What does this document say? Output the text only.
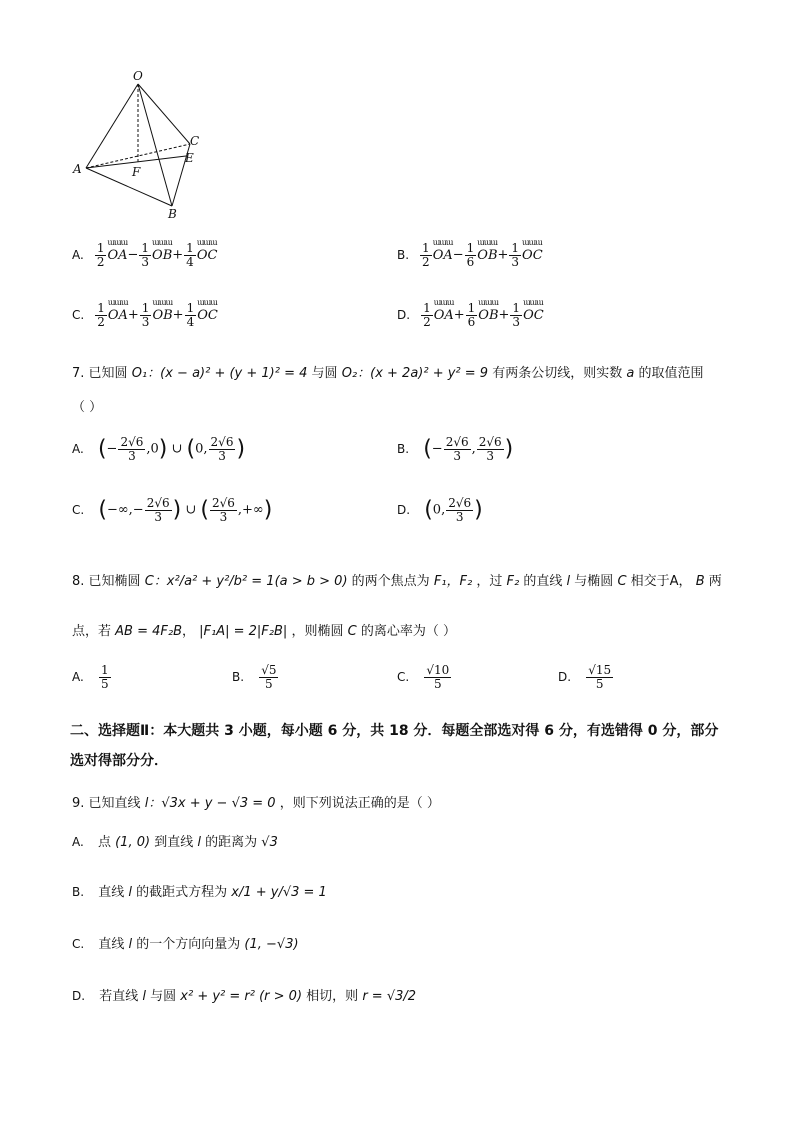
O
C
E
A	F
B
A. $\frac{1}{2}$ ɯɯɯ
$OA- \frac{1}{3}$ ɯɯɯ
$OB+ \frac{1}{4}$ ɯɯɯ
OC	B. $\frac{1}{2}$ ɯɯɯ
$OA- \frac{1}{6}$ ɯɯɯ
$OB+ \frac{1}{3}$ ɯɯɯ
OC
C. $\frac{1}{2}$ ɯɯɯ
$OA+ \frac{1}{3}$ ɯɯɯ
$OB+ \frac{1}{4}$ ɯɯɯ
OC	D. $\frac{1}{2}$ ɯɯɯ
$OA+ \frac{1}{6}$ ɯɯɯ
$OB+ \frac{1}{3}$ ɯɯɯ
OC
7. 已知圆 O₁：(x − a)² + (y + 1)² = 4 与圆 O₂：(x + 2a)² + y² = 9 有两条公切线，则实数 a 的取值范围
（ ）
A. (− $\frac{2√6}{3} ,0$) ∪ (0, $\frac{2√6}{3}$ )	B. (− $\frac{2√6}{3}$ , $\frac{2√6}{3}$ )
C. (−∞,− $\frac{2√6}{3}$ ) ∪ ( $\frac{2√6}{3}$ ,+∞)	D. (0, $\frac{2√6}{3}$ )
8. 已知椭圆 C：x²/a² + y²/b² = 1(a > b > 0) 的两个焦点为 F₁，F₂ ，过 F₂ 的直线 l 与椭圆 C 相交于A， B 两
点，若 AB = 4F₂B， |F₁A| = 2|F₂B| ，则椭圆 C 的离心率为（ ）
A. $\frac{1}{5}$	B. $\frac{√5}{5}$	C. $\frac{√10}{5}$	D. $\frac{√15}{5}$
二、选择题Ⅱ：本大题共 3 小题，每小题 6 分，共 18 分．每题全部选对得 6 分，有选错得 0 分，部分选对得部分分．
9. 已知直线 l：√3x + y − √3 = 0 ，则下列说法正确的是（ ）
A. 点 (1, 0) 到直线 l 的距离为 √3
B. 直线 l 的截距式方程为 x/1 + y/√3 = 1
C. 直线 l 的一个方向向量为 (1, −√3)
D. 若直线 l 与圆 x² + y² = r² (r > 0) 相切，则 r = √3/2
